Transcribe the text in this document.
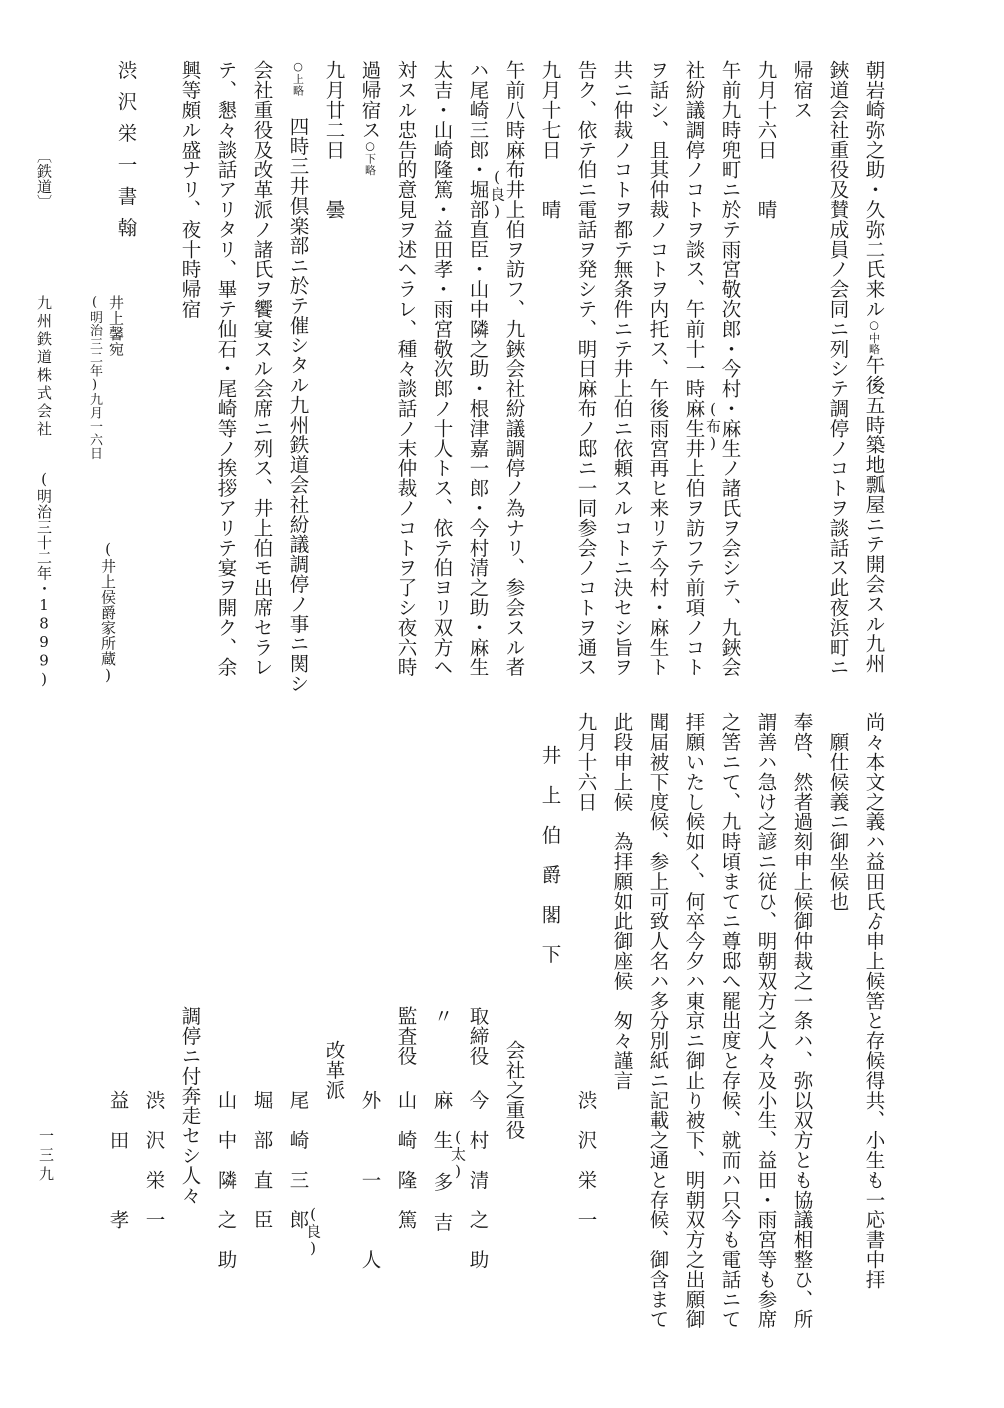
朝岩崎弥之助・久弥二氏来ル○中略午後五時築地瓢屋ニテ開会スル九州
鋏道会社重役及賛成員ノ会同ニ列シテ調停ノコトヲ談話ス此夜浜町ニ
帰宿ス
九月十六日　　晴
午前九時兜町ニ於テ雨宮敬次郎・今村・麻生ノ諸氏ヲ会シテ、九鋏会
社紛議調停ノコトヲ談ス、午前十一時麻生井上伯ヲ訪フテ前項ノコト
(布)
ヲ話シ、且其仲裁ノコトヲ内托ス、午後雨宮再ヒ来リテ今村・麻生ト
共ニ仲裁ノコトヲ都テ無条件ニテ井上伯ニ依頼スルコトニ決セシ旨ヲ
告ク、依テ伯ニ電話ヲ発シテ、明日麻布ノ邸ニ一同参会ノコトヲ通ス
九月十七日　　晴
午前八時麻布井上伯ヲ訪フ、九鋏会社紛議調停ノ為ナリ、参会スル者
ハ尾崎三郎・堀部直臣・山中隣之助・根津嘉一郎・今村清之助・麻生
(良)
太吉・山崎隆篤・益田孝・雨宮敬次郎ノ十人トス、依テ伯ヨリ双方ヘ
対スル忠告的意見ヲ述ヘラレ、種々談話ノ末仲裁ノコトヲ了シ夜六時
過帰宿ス○下略
九月廿二日　　曇
○上略　四時三井倶楽部ニ於テ催シタル九州鉄道会社紛議調停ノ事ニ関シ
会社重役及改革派ノ諸氏ヲ饗宴スル会席ニ列ス、井上伯モ出席セラレ
テ、懇々談話アリタリ、畢テ仙石・尾崎等ノ挨拶アリテ宴ヲ開ク、余
興等頗ル盛ナリ、夜十時帰宿
渋沢栄一書翰
井上馨宛
(明治三二年)九月一六日
(井上侯爵家所蔵)
〔鉄道〕
九州鉄道株式会社
(明治三十二年・1899)
尚々本文之義ハ益田氏ゟ申上候筈と存候得共、小生も一応書中拝
　願仕候義ニ御坐候也
奉啓、然者過刻申上候御仲裁之一条ハ、弥以双方とも協議相整ひ、所
謂善ハ急け之諺ニ従ひ、明朝双方之人々及小生、益田・雨宮等も参席
之筈ニて、九時頃まてニ尊邸へ罷出度と存候、就而ハ只今も電話ニて
拝願いたし候如く、何卒今夕ハ東京ニ御止り被下、明朝双方之出願御
聞届被下度候、参上可致人名ハ多分別紙ニ記載之通と存候、御含まて
此段申上候　為拝願如此御座候　匆々謹言
九月十六日
渋　沢　栄　一
井　上　伯　爵　閣　下
会社之重役
取締役
今　村　清　之　助
〃
麻　生
(太)
多　吉
監査役
山　崎　隆　篤
外　　　一　　　人
改革派
尾　崎　三　郎
(良)
堀　部　直　臣
山　中　隣　之　助
調停ニ付奔走セシ人々
渋　沢　栄　一
益　田　　　孝
一三九
